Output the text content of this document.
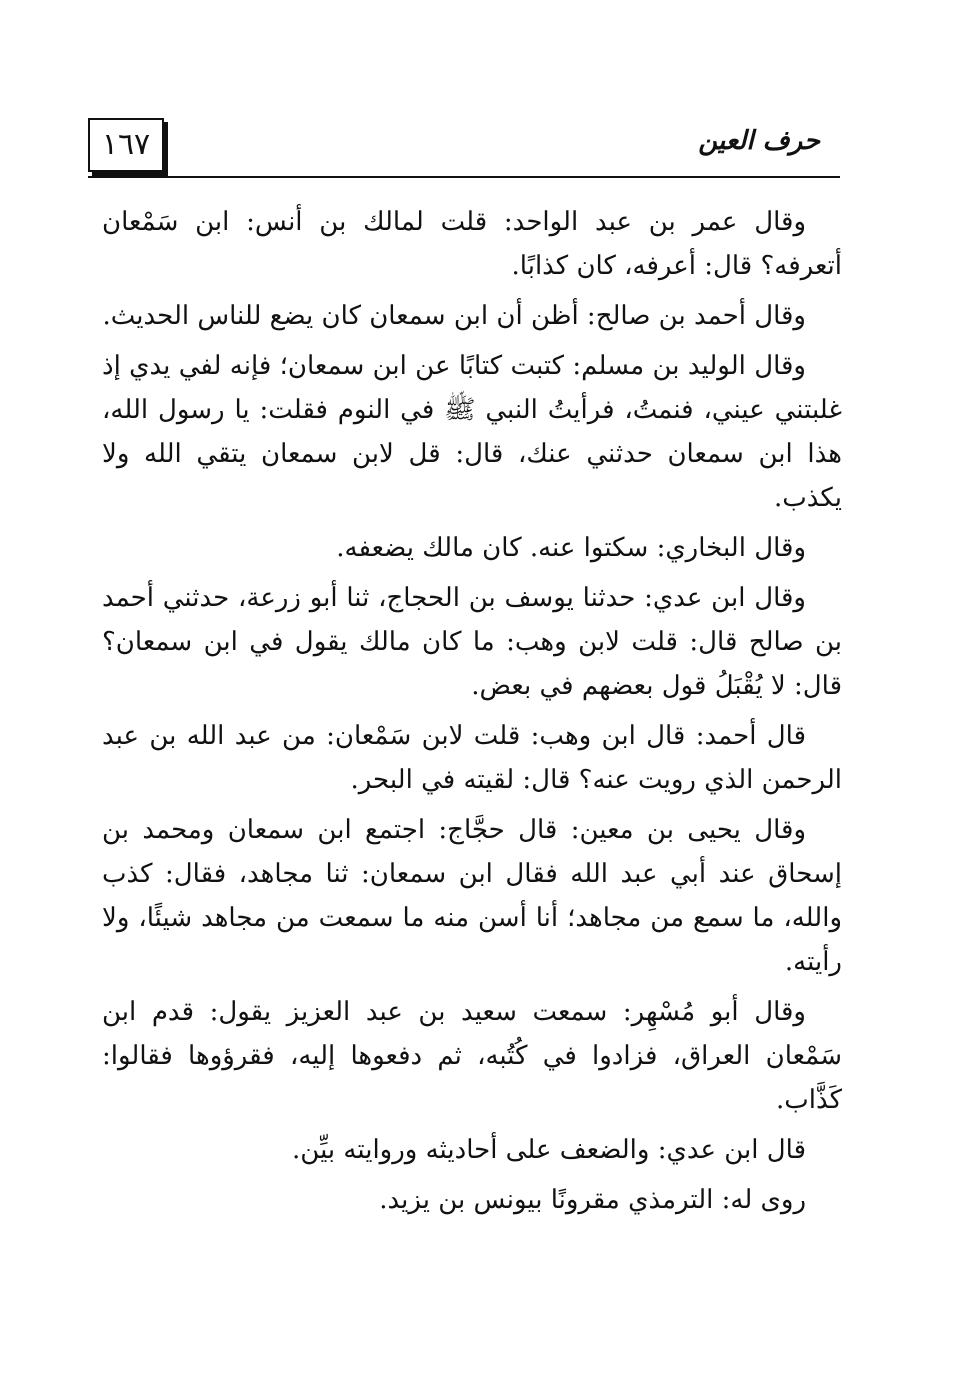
١٦٧	حرف العين

وقال عمر بن عبد الواحد: قلت لمالك بن أنس: ابن سَمْعان أتعرفه؟ قال: أعرفه، كان كذابًا.

وقال أحمد بن صالح: أظن أن ابن سمعان كان يضع للناس الحديث.

وقال الوليد بن مسلم: كتبت كتابًا عن ابن سمعان؛ فإنه لفي يدي إذ غلبتني عيني، فنمتُ، فرأيتُ النبي ﷺ في النوم فقلت: يا رسول الله، هذا ابن سمعان حدثني عنك، قال: قل لابن سمعان يتقي الله ولا يكذب.

وقال البخاري: سكتوا عنه. كان مالك يضعفه.

وقال ابن عدي: حدثنا يوسف بن الحجاج، ثنا أبو زرعة، حدثني أحمد بن صالح قال: قلت لابن وهب: ما كان مالك يقول في ابن سمعان؟ قال: لا يُقْبَلُ قول بعضهم في بعض.

قال أحمد: قال ابن وهب: قلت لابن سَمْعان: من عبد الله بن عبد الرحمن الذي رويت عنه؟ قال: لقيته في البحر.

وقال يحيى بن معين: قال حجَّاج: اجتمع ابن سمعان ومحمد بن إسحاق عند أبي عبد الله فقال ابن سمعان: ثنا مجاهد، فقال: كذب والله، ما سمع من مجاهد؛ أنا أسن منه ما سمعت من مجاهد شيئًا، ولا رأيته.

وقال أبو مُسْهِر: سمعت سعيد بن عبد العزيز يقول: قدم ابن سَمْعان العراق، فزادوا في كُتُبه، ثم دفعوها إليه، فقرؤوها فقالوا: كَذَّاب.

قال ابن عدي: والضعف على أحاديثه وروايته بيِّن.

روى له: الترمذي مقرونًا بيونس بن يزيد.
